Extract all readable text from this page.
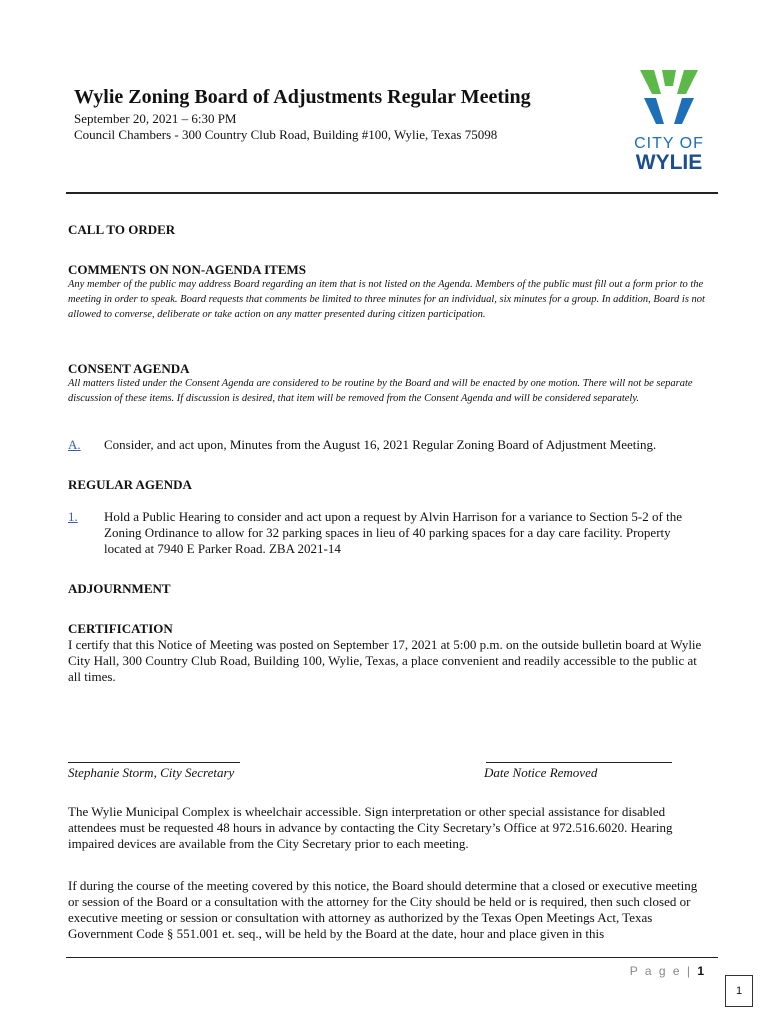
Wylie Zoning Board of Adjustments Regular Meeting
September 20, 2021 – 6:30 PM
Council Chambers - 300 Country Club Road, Building #100, Wylie, Texas 75098
CITY OF
WYLIE
CALL TO ORDER
COMMENTS ON NON-AGENDA ITEMS
Any member of the public may address Board regarding an item that is not listed on the Agenda. Members of the public must fill out a form prior to the meeting in order to speak. Board requests that comments be limited to three minutes for an individual, six minutes for a group. In addition, Board is not allowed to converse, deliberate or take action on any matter presented during citizen participation.
CONSENT AGENDA
All matters listed under the Consent Agenda are considered to be routine by the Board and will be enacted by one motion. There will not be separate discussion of these items. If discussion is desired, that item will be removed from the Consent Agenda and will be considered separately.
A. Consider, and act upon, Minutes from the August 16, 2021 Regular Zoning Board of Adjustment Meeting.
REGULAR AGENDA
1. Hold a Public Hearing to consider and act upon a request by Alvin Harrison for a variance to Section 5-2 of the Zoning Ordinance to allow for 32 parking spaces in lieu of 40 parking spaces for a day care facility. Property located at 7940 E Parker Road. ZBA 2021-14
ADJOURNMENT
CERTIFICATION
I certify that this Notice of Meeting was posted on September 17, 2021 at 5:00 p.m. on the outside bulletin board at Wylie City Hall, 300 Country Club Road, Building 100, Wylie, Texas, a place convenient and readily accessible to the public at all times.
Stephanie Storm, City Secretary	Date Notice Removed
The Wylie Municipal Complex is wheelchair accessible. Sign interpretation or other special assistance for disabled attendees must be requested 48 hours in advance by contacting the City Secretary’s Office at 972.516.6020. Hearing impaired devices are available from the City Secretary prior to each meeting.
If during the course of the meeting covered by this notice, the Board should determine that a closed or executive meeting or session of the Board or a consultation with the attorney for the City should be held or is required, then such closed or executive meeting or session or consultation with attorney as authorized by the Texas Open Meetings Act, Texas Government Code § 551.001 et. seq., will be held by the Board at the date, hour and place given in this
P a g e | 1
1
